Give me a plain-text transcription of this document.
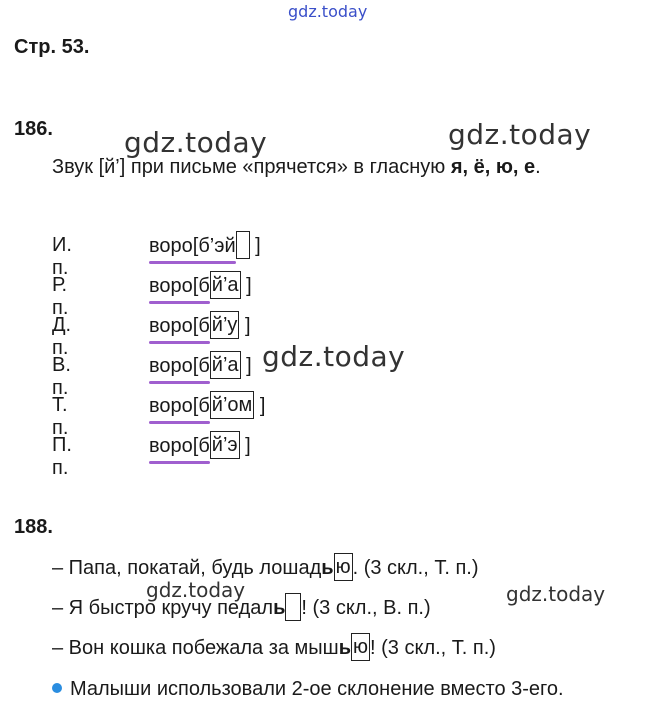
gdz.today
gdz.today	gdz.today
gdz.today
gdz.today	gdz.today
Стр. 53.
186.
Звук [й’] при письме «прячется» в гласную я, ё, ю, е.
И. п.
воро[б’эй ]
Р. п.
воро[б й’а ]
Д. п.
воро[б й’у ]
В. п.
воро[б й’а ]
Т. п.
воро[б й’ом ]
П. п.
воро[б й’э ]
188.
– Папа, покатай, будь лошадь ю . (3 скл., Т. п.)
– Я быстро кручу педаль ! (3 скл., В. п.)
– Вон кошка побежала за мышь ю ! (3 скл., Т. п.)
Малыши использовали 2-ое склонение вместо 3-его.
